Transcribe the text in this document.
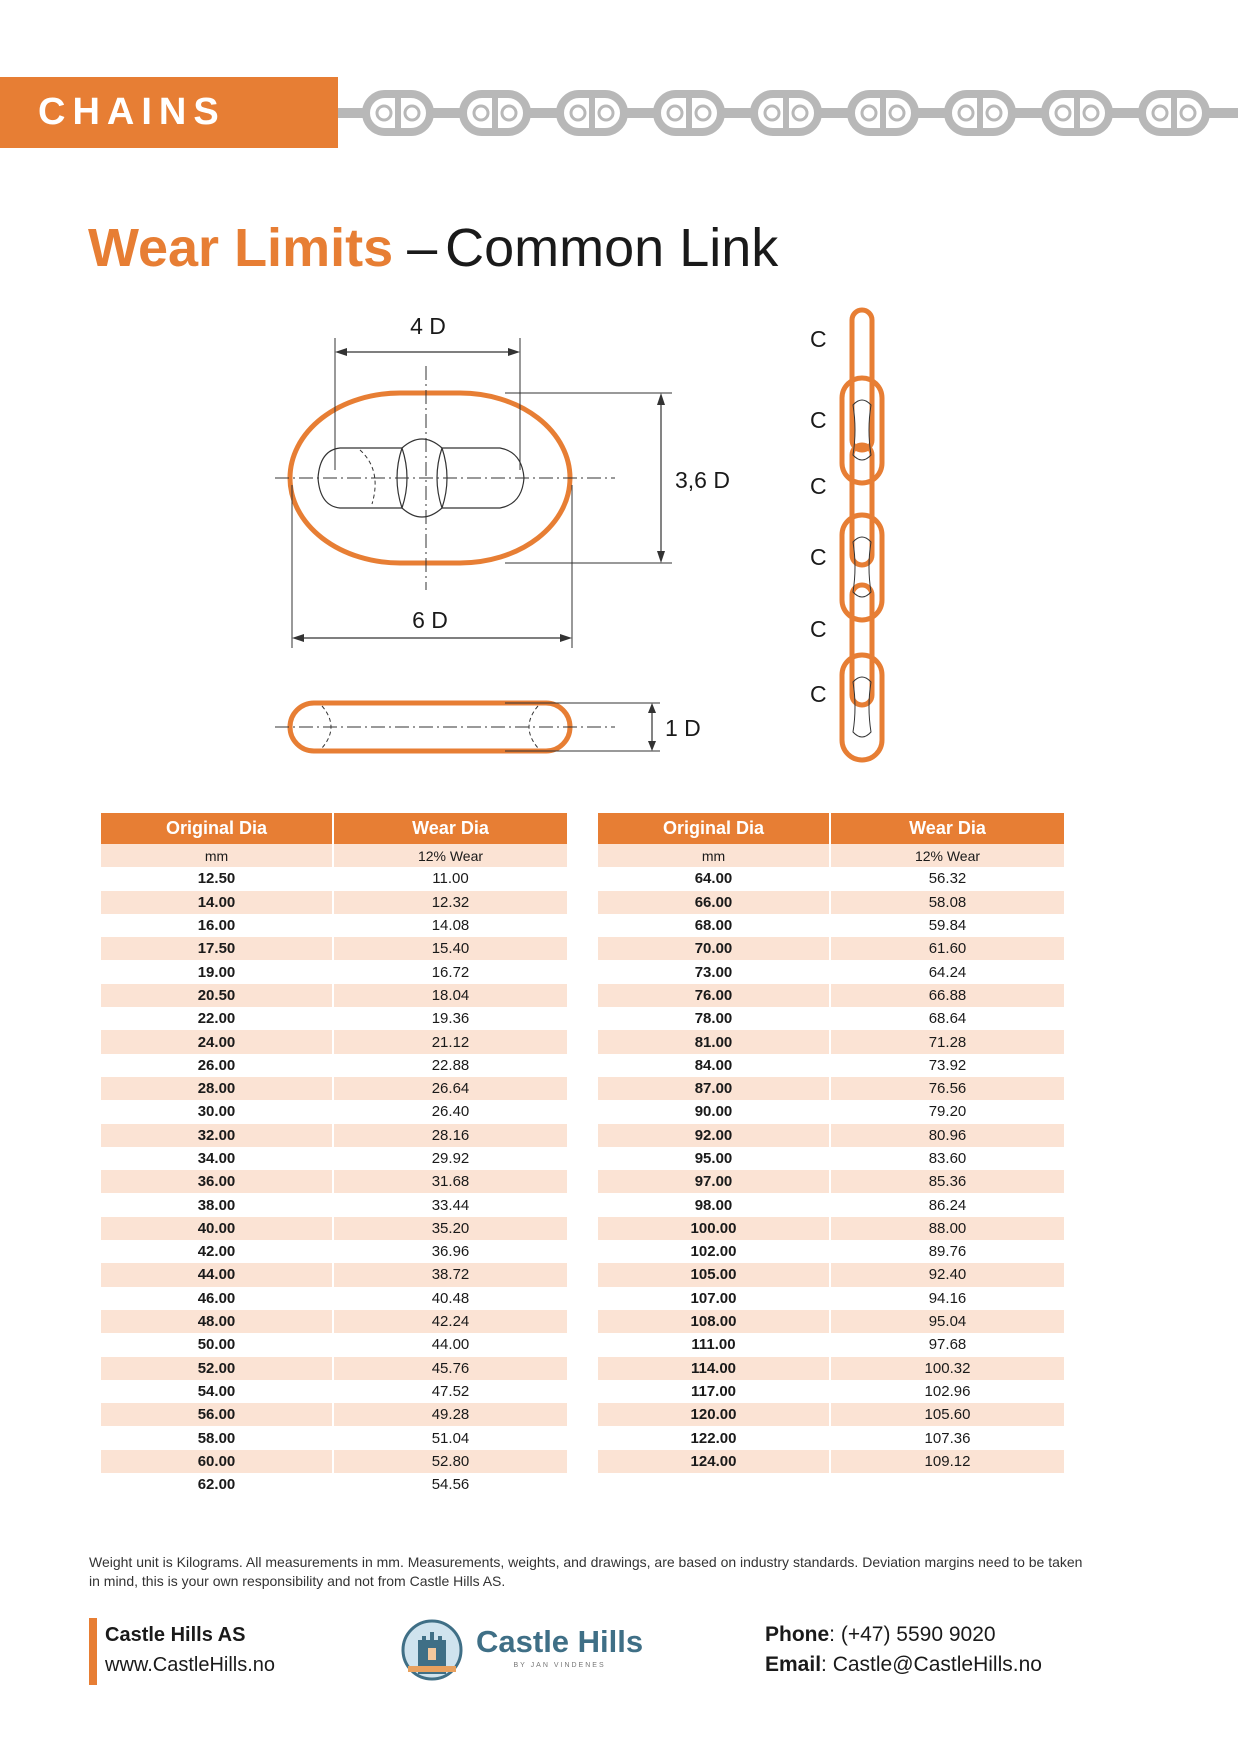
CHAINS
Wear Limits – Common Link
4 D
3,6 D
6 D
1 D
C
C
C
C
C
C
Original Dia	Wear Dia
mm	12% Wear
12.50	11.00
14.00	12.32
16.00	14.08
17.50	15.40
19.00	16.72
20.50	18.04
22.00	19.36
24.00	21.12
26.00	22.88
28.00	26.64
30.00	26.40
32.00	28.16
34.00	29.92
36.00	31.68
38.00	33.44
40.00	35.20
42.00	36.96
44.00	38.72
46.00	40.48
48.00	42.24
50.00	44.00
52.00	45.76
54.00	47.52
56.00	49.28
58.00	51.04
60.00	52.80
62.00	54.56
Original Dia	Wear Dia
mm	12% Wear
64.00	56.32
66.00	58.08
68.00	59.84
70.00	61.60
73.00	64.24
76.00	66.88
78.00	68.64
81.00	71.28
84.00	73.92
87.00	76.56
90.00	79.20
92.00	80.96
95.00	83.60
97.00	85.36
98.00	86.24
100.00	88.00
102.00	89.76
105.00	92.40
107.00	94.16
108.00	95.04
111.00	97.68
114.00	100.32
117.00	102.96
120.00	105.60
122.00	107.36
124.00	109.12
Weight unit is Kilograms. All measurements in mm. Measurements, weights, and drawings, are based on industry standards. Deviation margins need to be taken in mind, this is your own responsibility and not from Castle Hills AS.
Castle Hills AS
www.CastleHills.no
Castle Hills
BY JAN VINDENES
Phone: (+47) 5590 9020
Email: Castle@CastleHills.no
